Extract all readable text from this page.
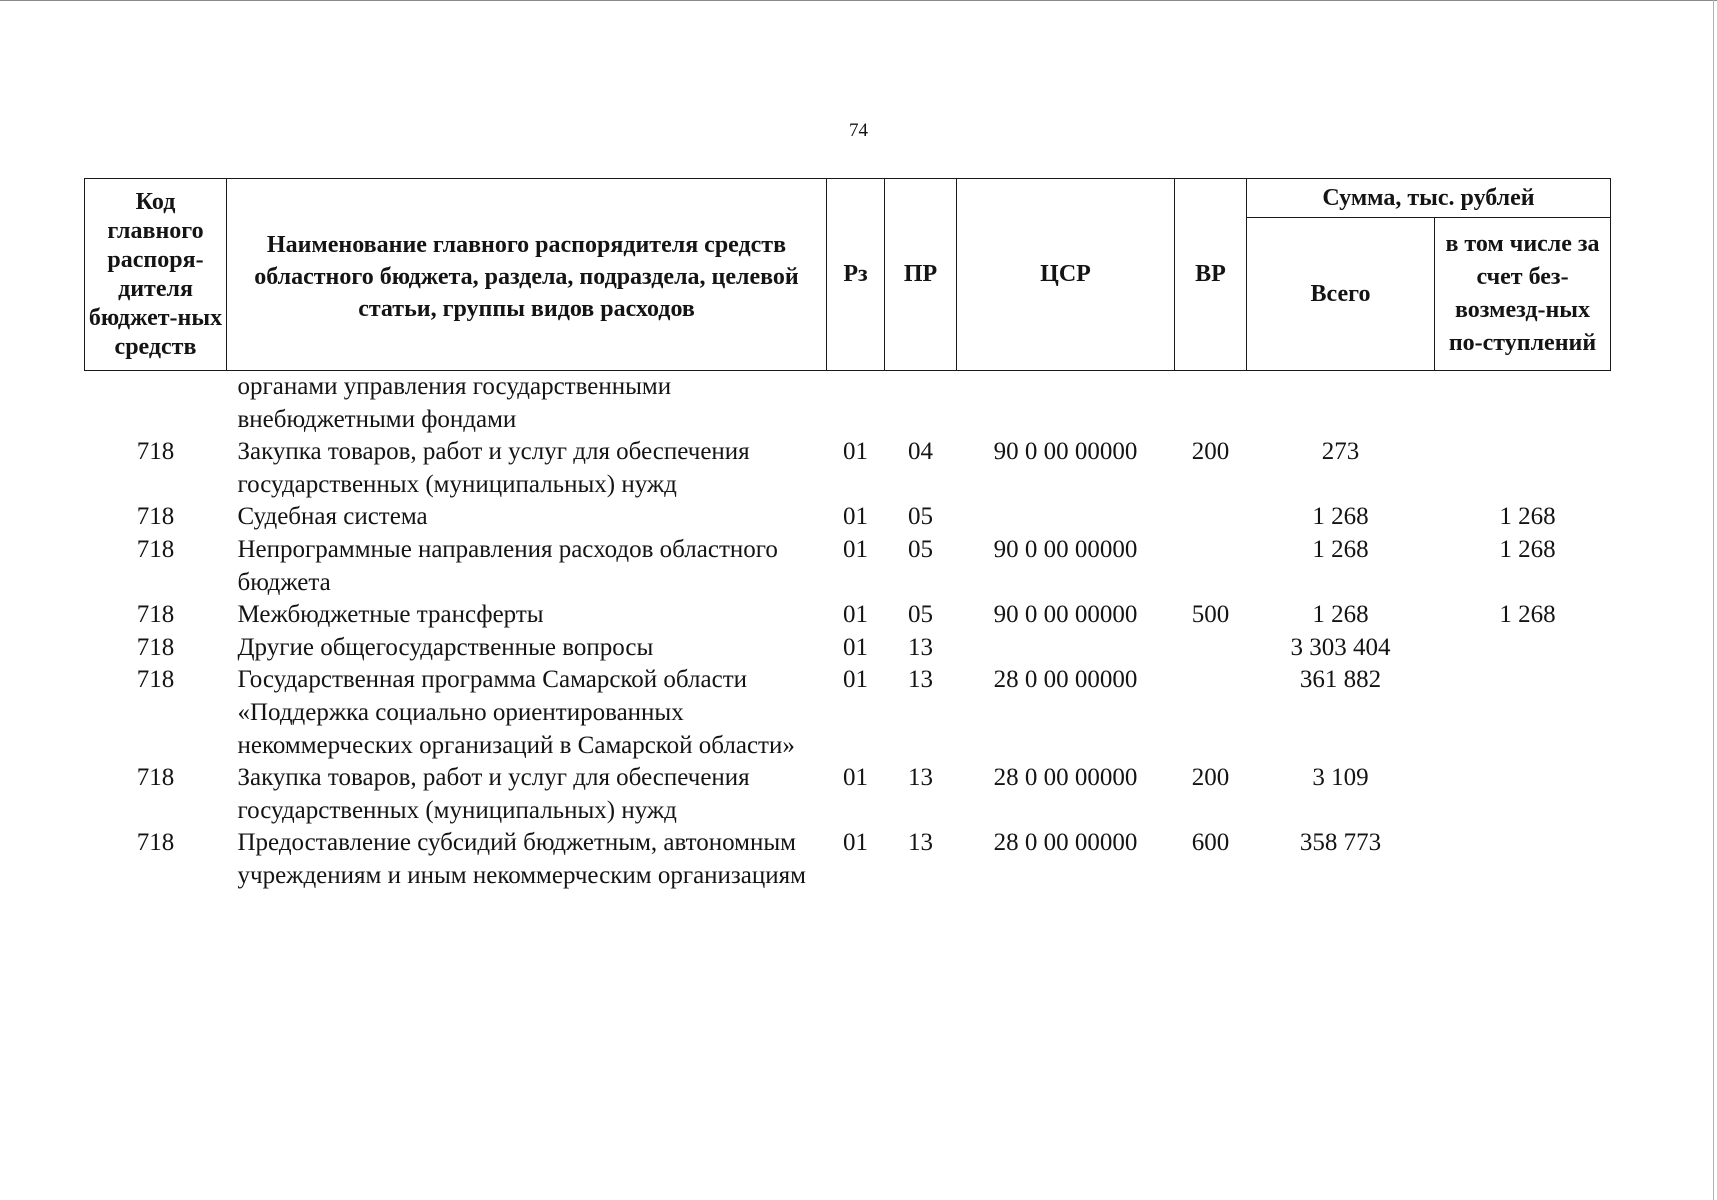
74
Код главного распоря-дителя бюджет-ных средств	Наименование главного распорядителя средств областного бюджета, раздела, подраздела, целевой статьи, группы видов расходов	Рз	ПР	ЦСР	ВР	Сумма, тыс. рублей	
						Всего	в том числе за счет без-возмезд-ных по-ступлений
	органами управления государственными внебюджетными фондами						
718	Закупка товаров, работ и услуг для обеспечения государственных (муниципальных) нужд	01	04	90 0 00 00000	200	273	
718	Судебная система	01	05			1 268	1 268
718	Непрограммные направления расходов областного бюджета	01	05	90 0 00 00000		1 268	1 268
718	Межбюджетные трансферты	01	05	90 0 00 00000	500	1 268	1 268
718	Другие общегосударственные вопросы	01	13			3 303 404	
718	Государственная программа Самарской области «Поддержка социально ориентированных некоммерческих организаций в Самарской области»	01	13	28 0 00 00000		361 882	
718	Закупка товаров, работ и услуг для обеспечения государственных (муниципальных) нужд	01	13	28 0 00 00000	200	3 109	
718	Предоставление субсидий бюджетным, автономным учреждениям и иным некоммерческим организациям	01	13	28 0 00 00000	600	358 773	
